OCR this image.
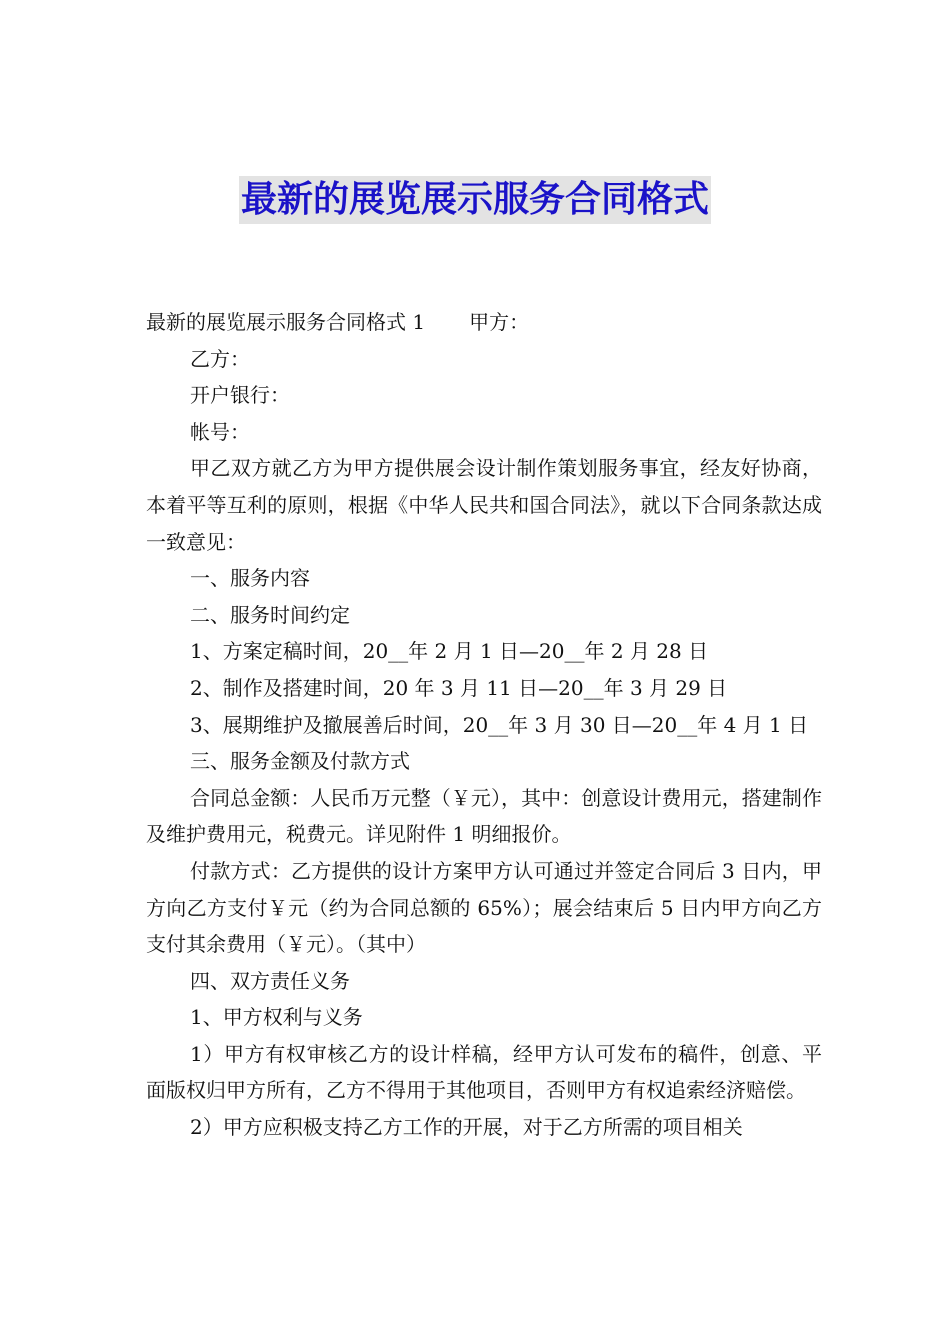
最新的展览展示服务合同格式

最新的展览展示服务合同格式 1 甲方：

乙方：

开户银行：

帐号：

甲乙双方就乙方为甲方提供展会设计制作策划服务事宜，经友好协商，本着平等互利的原则，根据《中华人民共和国合同法》，就以下合同条款达成一致意见：

一、服务内容

二、服务时间约定

1、方案定稿时间，20__年 2 月 1 日—20__年 2 月 28 日

2、制作及搭建时间，20 年 3 月 11 日—20__年 3 月 29 日

3、展期维护及撤展善后时间，20__年 3 月 30 日—20__年 4 月 1 日

三、服务金额及付款方式

合同总金额：人民币万元整（￥元），其中：创意设计费用元，搭建制作及维护费用元，税费元。详见附件 1 明细报价。

付款方式：乙方提供的设计方案甲方认可通过并签定合同后 3 日内，甲方向乙方支付￥元（约为合同总额的 65%）；展会结束后 5 日内甲方向乙方支付其余费用（￥元）。（其中）

四、双方责任义务

1、甲方权利与义务

1）甲方有权审核乙方的设计样稿，经甲方认可发布的稿件，创意、平面版权归甲方所有，乙方不得用于其他项目，否则甲方有权追索经济赔偿。

2）甲方应积极支持乙方工作的开展，对于乙方所需的项目相关
